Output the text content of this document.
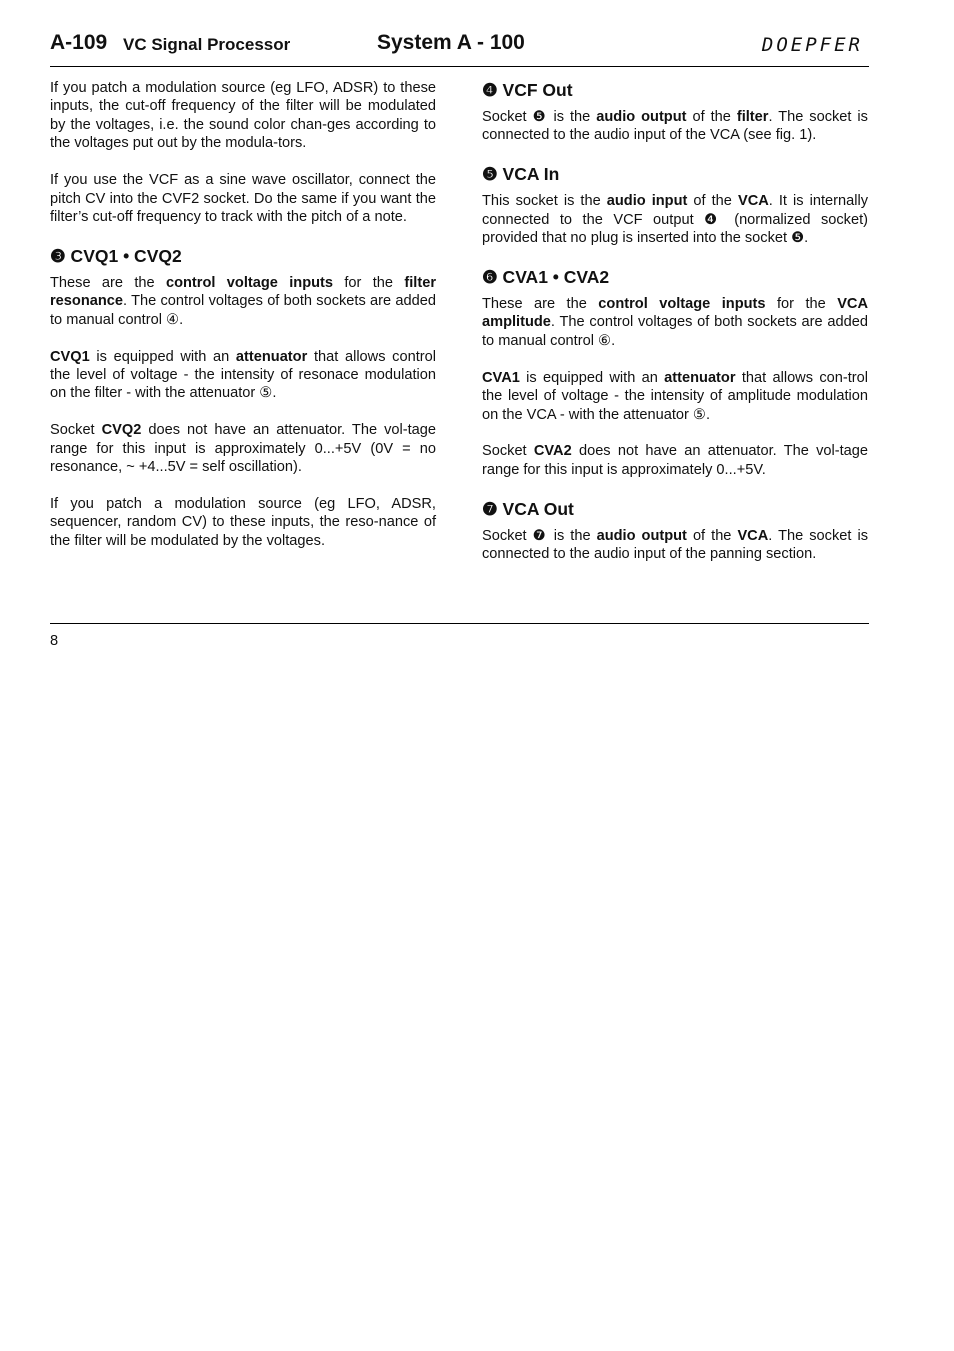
A-109 VC Signal Processor	System A - 100	DOEPFER

If you patch a modulation source (eg LFO, ADSR) to these inputs, the cut-off frequency of the filter will be modulated by the voltages, i.e. the sound color chan-ges according to the voltages put out by the modula-tors.

If you use the VCF as a sine wave oscillator, connect the pitch CV into the CVF2 socket. Do the same if you want the filter’s cut-off frequency to track with the pitch of a note.

❸ CVQ1 • CVQ2

These are the control voltage inputs for the filter resonance. The control voltages of both sockets are added to manual control ④.

CVQ1 is equipped with an attenuator that allows control the level of voltage - the intensity of resonace modulation on the filter - with the attenuator ⑤.

Socket CVQ2 does not have an attenuator. The vol-tage range for this input is approximately 0...+5V (0V = no resonance, ~ +4...5V = self oscillation).

If you patch a modulation source (eg LFO, ADSR, sequencer, random CV) to these inputs, the reso-nance of the filter will be modulated by the voltages.

❹ VCF Out

Socket ❺ is the audio output of the filter. The socket is connected to the audio input of the VCA (see fig. 1).

❺ VCA In

This socket is the audio input of the VCA. It is internally connected to the VCF output ❹ (normalized socket) provided that no plug is inserted into the socket ❺.

❻ CVA1 • CVA2

These are the control voltage inputs for the VCA amplitude. The control voltages of both sockets are added to manual control ⑥.

CVA1 is equipped with an attenuator that allows con-trol the level of voltage - the intensity of amplitude modulation on the VCA - with the attenuator ⑤.

Socket CVA2 does not have an attenuator. The vol-tage range for this input is approximately 0...+5V.

❼ VCA Out

Socket ❼ is the audio output of the VCA. The socket is connected to the audio input of the panning section.

8
